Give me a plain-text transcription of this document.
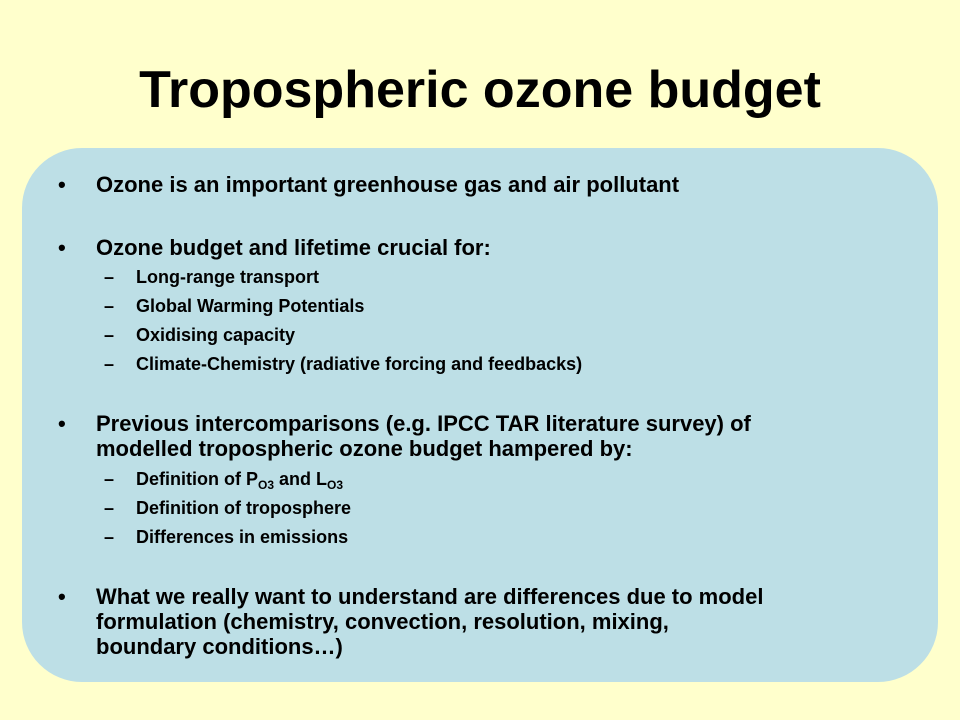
Tropospheric ozone budget
•	Ozone is an important greenhouse gas and air pollutant
•	Ozone budget and lifetime crucial for:
–	Long-range transport
–	Global Warming Potentials
–	Oxidising capacity
–	Climate-Chemistry (radiative forcing and feedbacks)
•	Previous intercomparisons (e.g. IPCC TAR literature survey) of
modelled tropospheric ozone budget hampered by:
–	Definition of $P_{O3}$ and $L_{O3}$
–	Definition of troposphere
–	Differences in emissions
•	What we really want to understand are differences due to model
formulation (chemistry, convection, resolution, mixing,
boundary conditions…)
